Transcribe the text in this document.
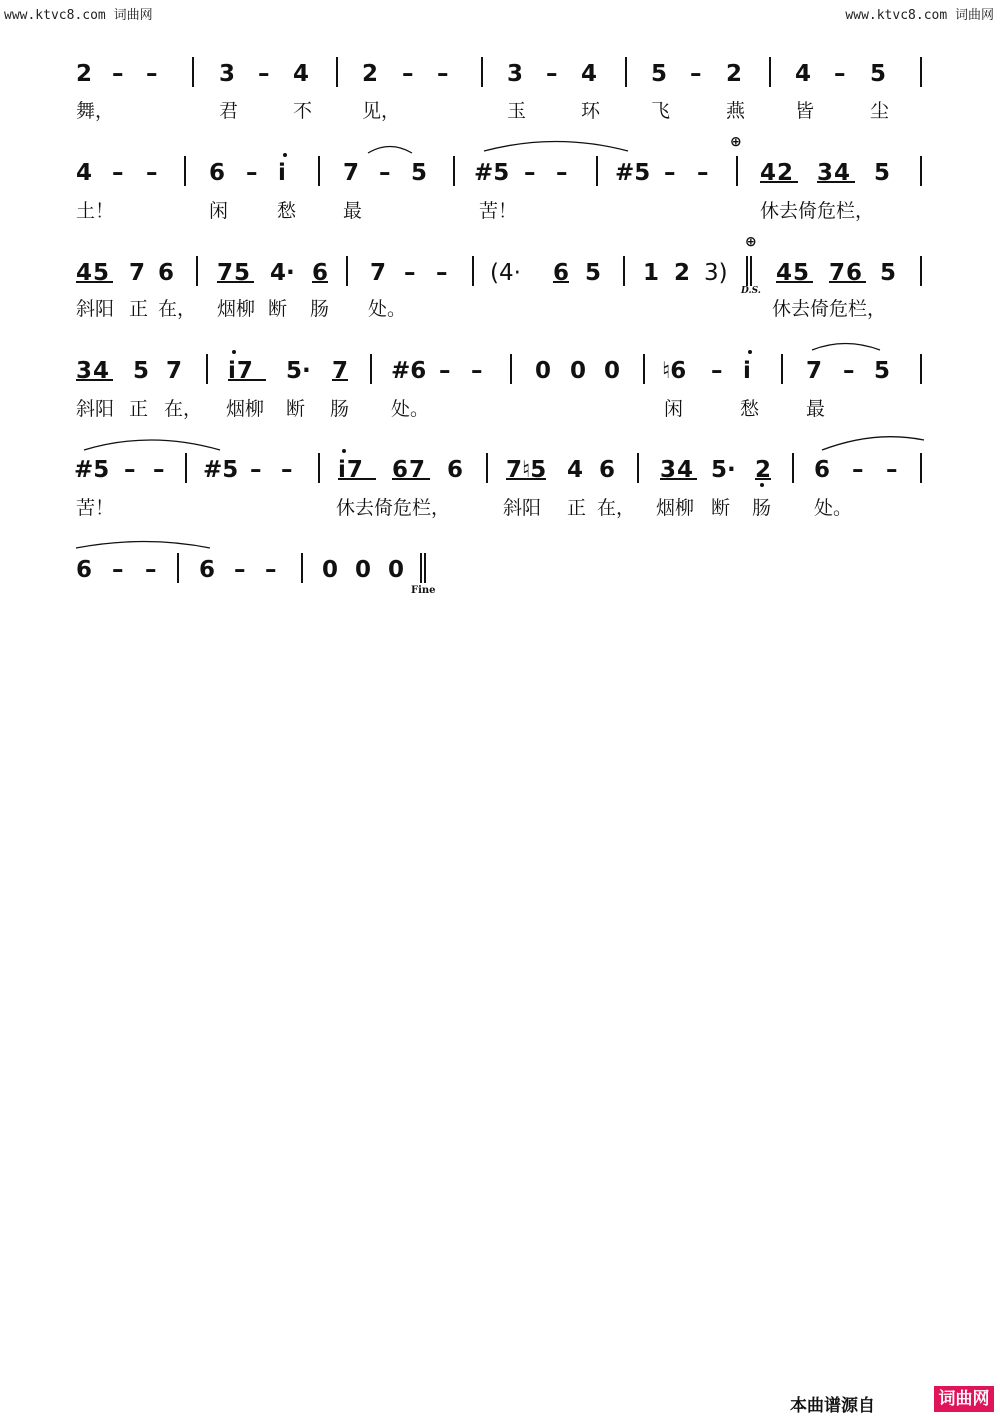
www.ktvc8.com 词曲网	www.ktvc8.com 词曲网
2 – –	3 – 4 2 – –	3 – 4 5 – 2 4 – 5
舞，	君	不	见，	玉	环	飞	燕	皆	尘
4 – – 6 – i 7 – 5 #5 – – #5 – –
⊕
42 34 5
土！	闲	愁 最	苦！	休去倚危栏，
45 7 6 75 4· 6 7 – – (4· 6 5 1 2 3)
⊕
D.S.
45 76 5
斜阳 正 在， 烟柳 断 肠 处。	休去倚危栏，
34 5 7 i7 5· 7 #6 – – 0 0 0 ♮6 – i 7 – 5
斜阳 正 在， 烟柳 断 肠 处。	闲	愁 最
#5 – – #5 – – i7 67 6 7♮5 4 6 34 5· 2 6 – –
苦！	休去倚危栏，	斜阳 正 在， 烟柳 断 肠 处。
6 – – 6 – – 0 0 0
Fine
本曲谱源自	词曲网
